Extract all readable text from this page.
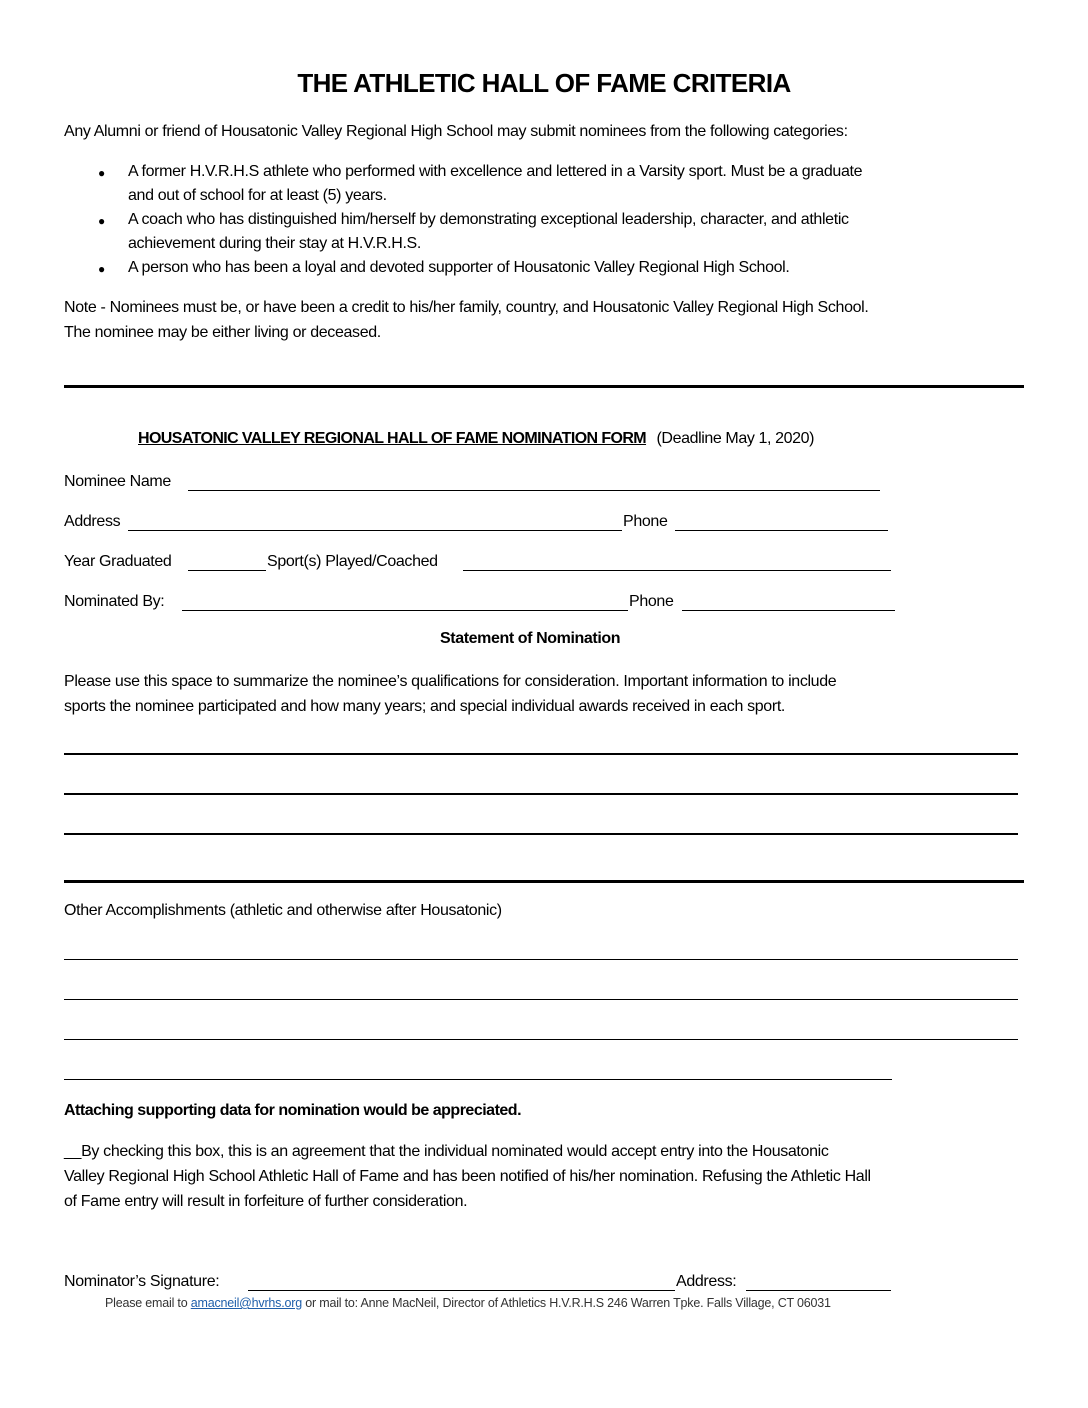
THE ATHLETIC HALL OF FAME CRITERIA
Any Alumni or friend of Housatonic Valley Regional High School may submit nominees from the following categories:
● A former H.V.R.H.S athlete who performed with excellence and lettered in a Varsity sport. Must be a graduate
and out of school for at least (5) years.
● A coach who has distinguished him/herself by demonstrating exceptional leadership, character, and athletic
achievement during their stay at H.V.R.H.S.
● A person who has been a loyal and devoted supporter of Housatonic Valley Regional High School.
Note - Nominees must be, or have been a credit to his/her family, country, and Housatonic Valley Regional High School.
The nominee may be either living or deceased.
HOUSATONIC VALLEY REGIONAL HALL OF FAME NOMINATION FORM (Deadline May 1, 2020)
Nominee Name
Address	Phone
Year Graduated	Sport(s) Played/Coached
Nominated By:	Phone
Statement of Nomination
Please use this space to summarize the nominee’s qualifications for consideration. Important information to include
sports the nominee participated and how many years; and special individual awards received in each sport.
Other Accomplishments (athletic and otherwise after Housatonic)
Attaching supporting data for nomination would be appreciated.
__By checking this box, this is an agreement that the individual nominated would accept entry into the Housatonic
Valley Regional High School Athletic Hall of Fame and has been notified of his/her nomination. Refusing the Athletic Hall
of Fame entry will result in forfeiture of further consideration.
Nominator’s Signature:	Address:
Please email to amacneil@hvrhs.org or mail to: Anne MacNeil, Director of Athletics H.V.R.H.S 246 Warren Tpke. Falls Village, CT 06031
